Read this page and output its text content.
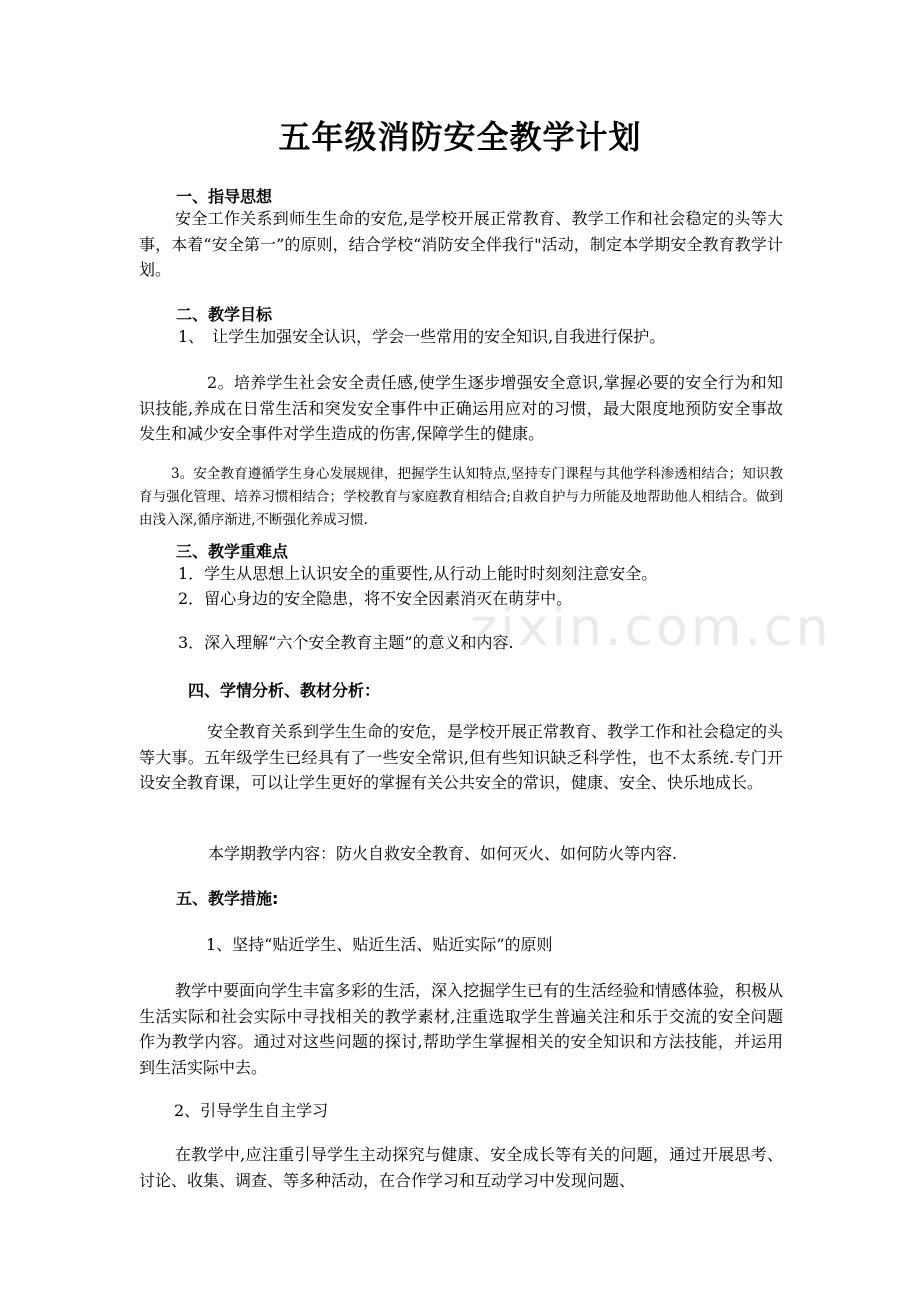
五年级消防安全教学计划
一、指导思想
安全工作关系到师生生命的安危,是学校开展正常教育、教学工作和社会稳定的头等大事，本着“安全第一”的原则，结合学校“消防安全伴我行"活动，制定本学期安全教育教学计划。
二、教学目标
1、　让学生加强安全认识，学会一些常用的安全知识,自我进行保护。
2。培养学生社会安全责任感,使学生逐步增强安全意识,掌握必要的安全行为和知识技能,养成在日常生活和突发安全事件中正确运用应对的习惯，最大限度地预防安全事故发生和减少安全事件对学生造成的伤害,保障学生的健康。
3。安全教育遵循学生身心发展规律，把握学生认知特点,坚持专门课程与其他学科渗透相结合；知识教育与强化管理、培养习惯相结合；学校教育与家庭教育相结合;自救自护与力所能及地帮助他人相结合。做到由浅入深,循序渐进,不断强化养成习惯.
三、教学重难点
1．学生从思想上认识安全的重要性,从行动上能时时刻刻注意安全。
2．留心身边的安全隐患，将不安全因素消灭在萌芽中。
3．深入理解“六个安全教育主题”的意义和内容.
四、学情分析、教材分析：
安全教育关系到学生生命的安危，是学校开展正常教育、教学工作和社会稳定的头等大事。五年级学生已经具有了一些安全常识,但有些知识缺乏科学性，也不太系统.专门开设安全教育课，可以让学生更好的掌握有关公共安全的常识，健康、安全、快乐地成长。
本学期教学内容：防火自救安全教育、如何灭火、如何防火等内容.
五、教学措施:
1、坚持“贴近学生、贴近生活、贴近实际”的原则
教学中要面向学生丰富多彩的生活，深入挖掘学生已有的生活经验和情感体验，积极从生活实际和社会实际中寻找相关的教学素材,注重选取学生普遍关注和乐于交流的安全问题作为教学内容。通过对这些问题的探讨,帮助学生掌握相关的安全知识和方法技能，并运用到生活实际中去。
2、引导学生自主学习
在教学中,应注重引导学生主动探究与健康、安全成长等有关的问题，通过开展思考、讨论、收集、调查、等多种活动，在合作学习和互动学习中发现问题、
zixin.com.cn
